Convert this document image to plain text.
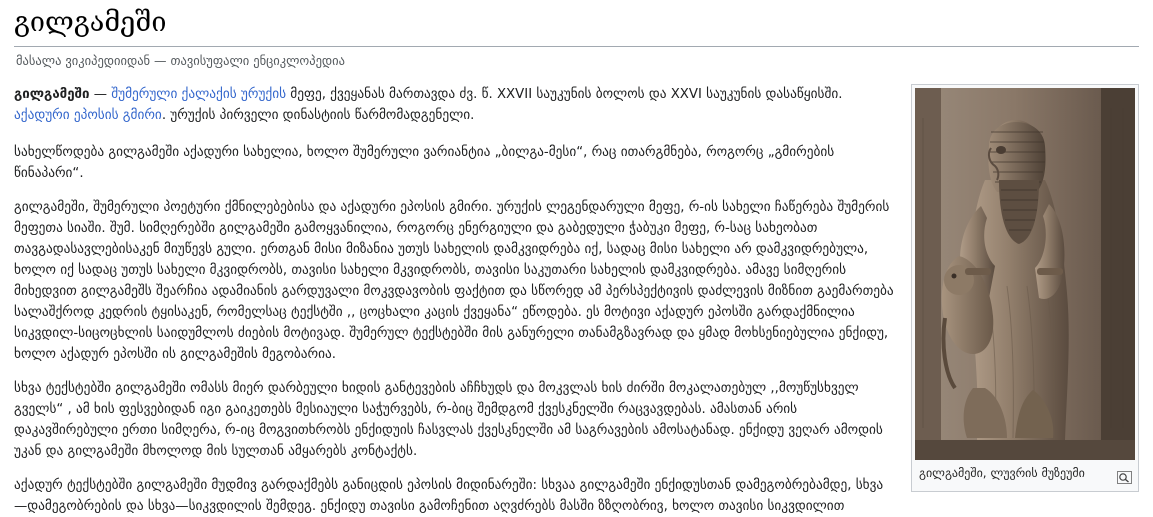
გილგამეში
მასალა ვიკიპედიიდან — თავისუფალი ენციკლოპედია
გილგამეში, ლუვრის მუზეუმი

გილგამეში — შუმერული ქალაქის ურუქის მეფე, ქვეყანას მართავდა ძვ. წ. XXVII საუკუნის ბოლოს და XXVI საუკუნის დასაწყისში. აქადური ეპოსის გმირი. ურუქის პირველი დინასტიის წარმომადგენელი.

სახელწოდება გილგამეში აქადური სახელია, ხოლო შუმერული ვარიანტია „ბილგა-მესი“, რაც ითარგმნება, როგორც „გმირების წინაპარი“.

გილგამეში, შუმერული პოეტური ქმნილებებისა და აქადური ეპოსის გმირი. ურუქის ლეგენდარული მეფე, რ-ის სახელი ჩაწერება შუმერის მეფეთა სიაში. შუმ. სიმღერებში გილგამეში გამოყვანილია, როგორც ენერგიული და გაბედული ჭაბუკი მეფე, რ-საც სახეობათ თავგადასავლებისაკენ მიუწევს გული. ერთგან მისი მიზანია უთუს სახელის დამკვიდრება იქ, სადაც მისი სახელი არ დამკვიდრებულა, ხოლო იქ სადაც უთუს სახელი მკვიდრობს, თავისი სახელი მკვიდრობს, თავისი საკუთარი სახელის დამკვიდრება. ამავე სიმღერის მიხედვით გილგამეშს შეარჩია ადამიანის გარდუვალი მოკვდავობის ფაქტით და სწორედ ამ პერსპექტივის დაძლევის მიზნით გაემართება სალაშქროდ კედრის ტყისაკენ, რომელსაც ტექსტში ,, ცოცხალი კაცის ქვეყანა“ ეწოდება. ეს მოტივი აქადურ ეპოსში გარდაქმნილია სიკვდილ-სიცოცხლის საიდუმლოს ძიების მოტივად. შუმერულ ტექსტებში მის განურელი თანამგზავრად და ყმად მოხსენიებულია ენქიდუ, ხოლო აქადურ ეპოსში ის გილგამეშის მეგობარია.

სხვა ტექსტებში გილგამეში ომასს მიერ დარბეული ხიდის განტევების აჩჩხუდს და მოკვლას ხის ძირში მოკალათებულ ,,მოუწუსხველ გველს“ , ამ ხის ფესვებიდან იგი გაიკეთებს მესიაული საჭურვებს, რ-ბიც შემდგომ ქვესკნელში რაცვავდებას. ამასთან არის დაკავშირებული ერთი სიმღერა, რ-იც მოგვითხრობს ენქიდუის ჩასვლას ქვესკნელში ამ საგრავების ამოსატანად. ენქიდუ ვეღარ ამოდის უკან და გილგამეში მხოლოდ მის სულთან ამყარებს კონტაქტს.

აქადურ ტექსტებში გილგამეში მუდმივ გარდაქმებს განიცდის ეპოსის მიდინარეში: სხვაა გილგამეში ენქიდუსთან დამეგობრებამდე, სხვა—დამეგობრების და სხვა—სიკვდილის შემდეგ. ენქიდუ თავისი გამოჩენით აღვძრებს მასში ზზღობრივ, ხოლო თავისი სიკვდილით
